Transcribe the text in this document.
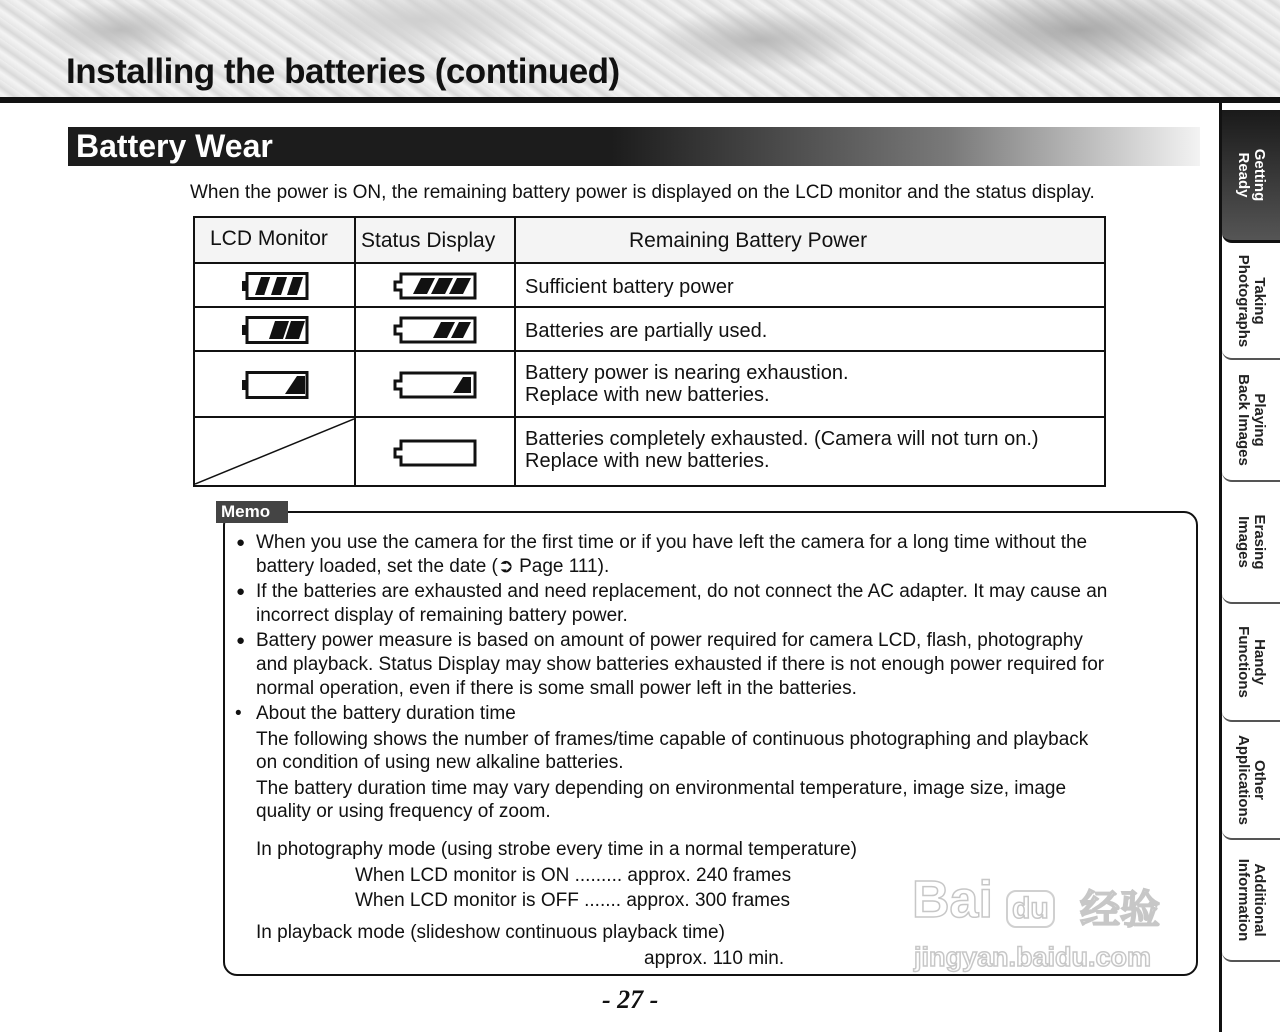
Installing the batteries (continued)
Battery Wear
When the power is ON, the remaining battery power is displayed on the LCD monitor and the status display.
LCD Monitor Status Display	Remaining Battery Power
Sufficient battery power
Batteries are partially used.
Battery power is nearing exhaustion.
Replace with new batteries.
Batteries completely exhausted. (Camera will not turn on.)
Replace with new batteries.
Memo
● When you use the camera for the first time or if you have left the camera for a long time without the
battery loaded, set the date (➲ Page 111).
● If the batteries are exhausted and need replacement, do not connect the AC adapter. It may cause an
incorrect display of remaining battery power.
● Battery power measure is based on amount of power required for camera LCD, flash, photography
and playback. Status Display may show batteries exhausted if there is not enough power required for
normal operation, even if there is some small power left in the batteries.
• About the battery duration time
The following shows the number of frames/time capable of continuous photographing and playback
on condition of using new alkaline batteries.
The battery duration time may vary depending on environmental temperature, image size, image
quality or using frequency of zoom.
In photography mode (using strobe every time in a normal temperature)
When LCD monitor is ON ......... approx. 240 frames
When LCD monitor is OFF ....... approx. 300 frames
In playback mode (slideshow continuous playback time)
approx. 110 min.
Bai du 经验
jingyan.baidu.com
- 27 -
Getting
Ready
Taking
Photographs
Playing
Back Images
Erasing
Images
Handy
Functions
Other
Applications
Additional
Information
